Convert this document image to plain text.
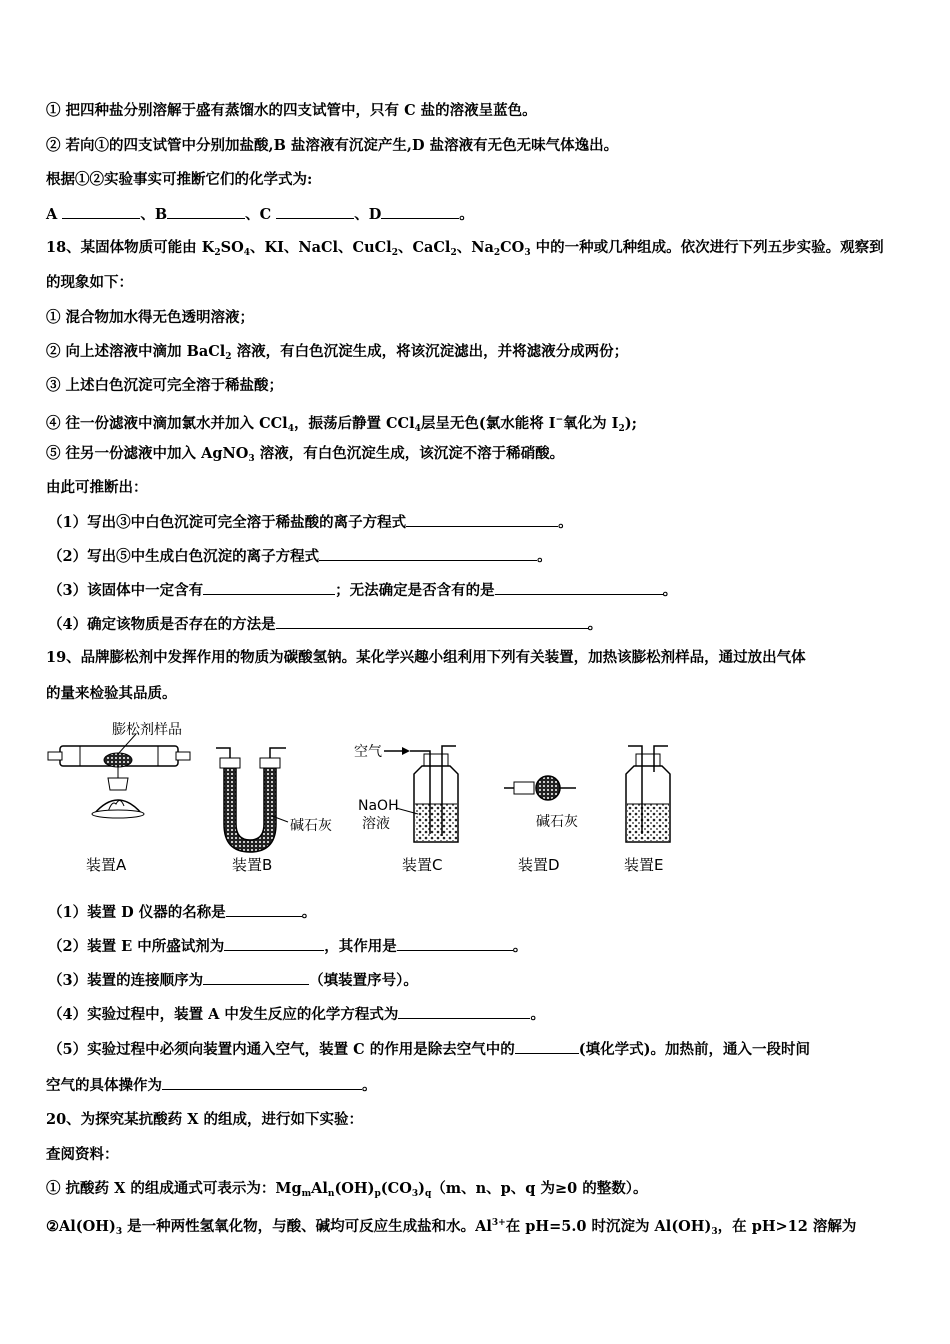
① 把四种盐分别溶解于盛有蒸馏水的四支试管中，只有 C 盐的溶液呈蓝色。
② 若向①的四支试管中分别加盐酸,B 盐溶液有沉淀产生,D 盐溶液有无色无味气体逸出。
根据①②实验事实可推断它们的化学式为:
A	、B	、C	、D	。
18、某固体物质可能由 $K_2SO_4$、KI、NaCl、CuCl$_2$、CaCl$_2$、$Na_2CO_3$ 中的一种或几种组成。依次进行下列五步实验。观察到
的现象如下：
① 混合物加水得无色透明溶液；
② 向上述溶液中滴加 BaCl$_2$ 溶液，有白色沉淀生成，将该沉淀滤出，并将滤液分成两份；
③ 上述白色沉淀可完全溶于稀盐酸；
④ 往一份滤液中滴加氯水并加入 CCl$_4$，振荡后静置 CCl$_4$层呈无色(氯水能将 I−氧化为 $I_2$);
⑤ 往另一份滤液中加入 AgNO$_3$ 溶液，有白色沉淀生成，该沉淀不溶于稀硝酸。
由此可推断出：
（1）写出③中白色沉淀可完全溶于稀盐酸的离子方程式	。
（2）写出⑤中生成白色沉淀的离子方程式	。
（3）该固体中一定含有	；无法确定是否含有的是	。
（4）确定该物质是否存在的方法是	。
19、品牌膨松剂中发挥作用的物质为碳酸氢钠。某化学兴趣小组利用下列有关装置，加热该膨松剂样品，通过放出气体
的量来检验其品质。
膨松剂样品
装置A
碱石灰
装置B
空气
NaOH
溶液
装置C
碱石灰
装置D	装置E
（1）装置 D 仪器的名称是	。
（2）装置 E 中所盛试剂为	，其作用是	。
（3）装置的连接顺序为	（填装置序号）。
（4）实验过程中，装置 A 中发生反应的化学方程式为	。
（5）实验过程中必须向装置内通入空气，装置 C 的作用是除去空气中的	(填化学式)。加热前，通入一段时间
空气的具体操作为	。
20、为探究某抗酸药 X 的组成，进行如下实验：
查阅资料：
① 抗酸药 X 的组成通式可表示为：$Mg_mAl_n(OH)_p(CO_3)_q(m$、n、p、q 为≥0 的整数）。
$②Al(OH)_3$ 是一种两性氢氧化物，与酸、碱均可反应生成盐和水。$Al^{3+}$在 pH=5.0 时沉淀为 $Al(OH)_3$，在 pH>12 溶解为
